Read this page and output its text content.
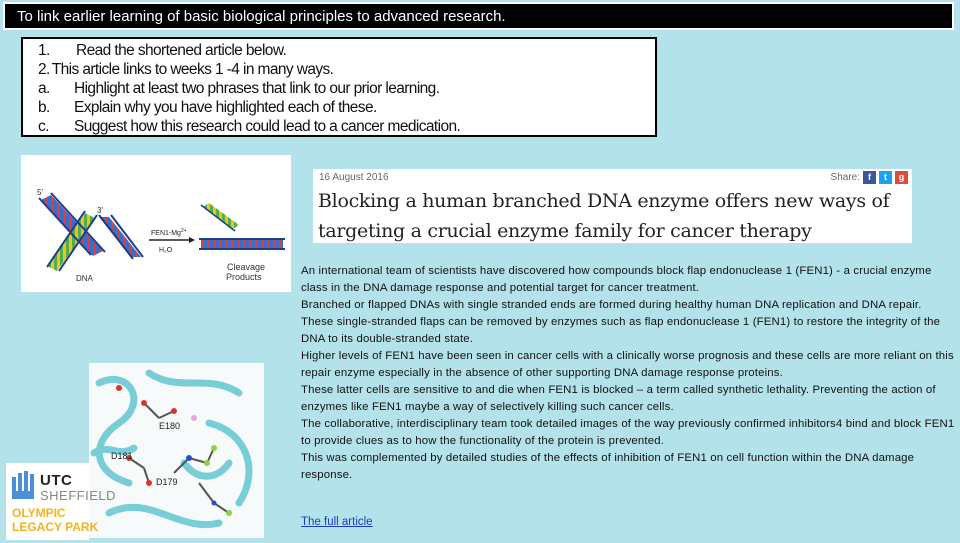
To link earlier learning of basic biological principles to advanced research.
1.	Read the shortened article below.
2. This article links to weeks 1 -4 in many ways.
a.	Highlight at least two phrases that link to our prior learning.
b.	Explain why you have highlighted each of these.
c.	Suggest how this research could lead to a cancer medication.
5'
3'
DNA
$FEN1-Mg^{2+}$
H₂O
Cleavage
Products
E180
D181
D179
16 August 2016	Share: f	t	g
Blocking a human branched DNA enzyme offers new ways of targeting a crucial enzyme family for cancer therapy

An international team of scientists have discovered how compounds block flap endonuclease 1 (FEN1) - a crucial enzyme class in the DNA damage response and potential target for cancer treatment.

Branched or flapped DNAs with single stranded ends are formed during healthy human DNA replication and DNA repair.

These single-stranded flaps can be removed by enzymes such as flap endonuclease 1 (FEN1) to restore the integrity of the DNA to its double-stranded state.

Higher levels of FEN1 have been seen in cancer cells with a clinically worse prognosis and these cells are more reliant on this repair enzyme especially in the absence of other supporting DNA damage response proteins.

These latter cells are sensitive to and die when FEN1 is blocked – a term called synthetic lethality. Preventing the action of enzymes like FEN1 maybe a way of selectively killing such cancer cells.

The collaborative, interdisciplinary team took detailed images of the way previously confirmed inhibitors4 bind and block FEN1 to provide clues as to how the functionality of the protein is prevented.

This was complemented by detailed studies of the effects of inhibition of FEN1 on cell function within the DNA damage response.

The full article
UTC
SHEFFIELD
OLYMPIC
LEGACY PARK
